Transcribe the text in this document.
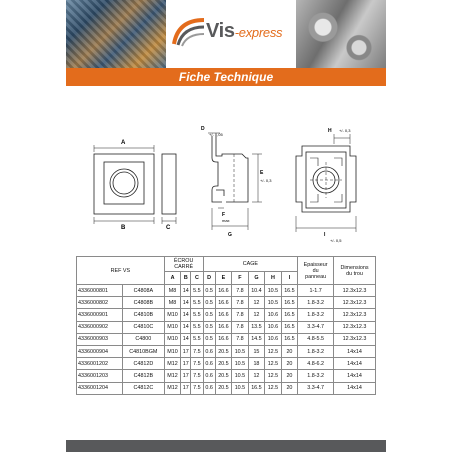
Vis-express
Fiche Technique
A
B	C
D
+/- 0,05
E
+/- 0,3
F
max
G
H +/- 0,3
I
+/- 0,5
REF VS		ÉCROU
CARRÉ			CAGE						Epaisseur
du
panneau	Dimensions
du trou
		A	B	C	D	E	F	G	H	I		
4336000801	C4808A	M8	14	5.5	0.5	16.6	7.8	10.4	10.5	16.5	1-1.7	12.3x12.3
4336000802	C4808B	M8	14	5.5	0.5	16.6	7.8	12	10.5	16.5	1.8-3.2	12.3x12.3
4336000901	C4810B	M10	14	5.5	0.5	16.6	7.8	12	10.6	16.5	1.8-3.2	12.3x12.3
4336000902	C4810C	M10	14	5.5	0.5	16.6	7.8	13.5	10.6	16.5	3.3-4.7	12.3x12.3
4336000903	C4800	M10	14	5.5	0.5	16.6	7.8	14.5	10.6	16.5	4.8-5.5	12.3x12.3
4336000904	C4810BGM	M10	17	7.5	0.6	20.5	10.5	15	12.5	20	1.8-3.2	14x14
4336001202	C4812D	M12	17	7.5	0.6	20.5	10.5	18	12.5	20	4.8-6.2	14x14
4336001203	C4812B	M12	17	7.5	0.6	20.5	10.5	12	12.5	20	1.8-3.2	14x14
4336001204	C4812C	M12	17	7.5	0.6	20.5	10.5	16.5	12.5	20	3.3-4.7	14x14
